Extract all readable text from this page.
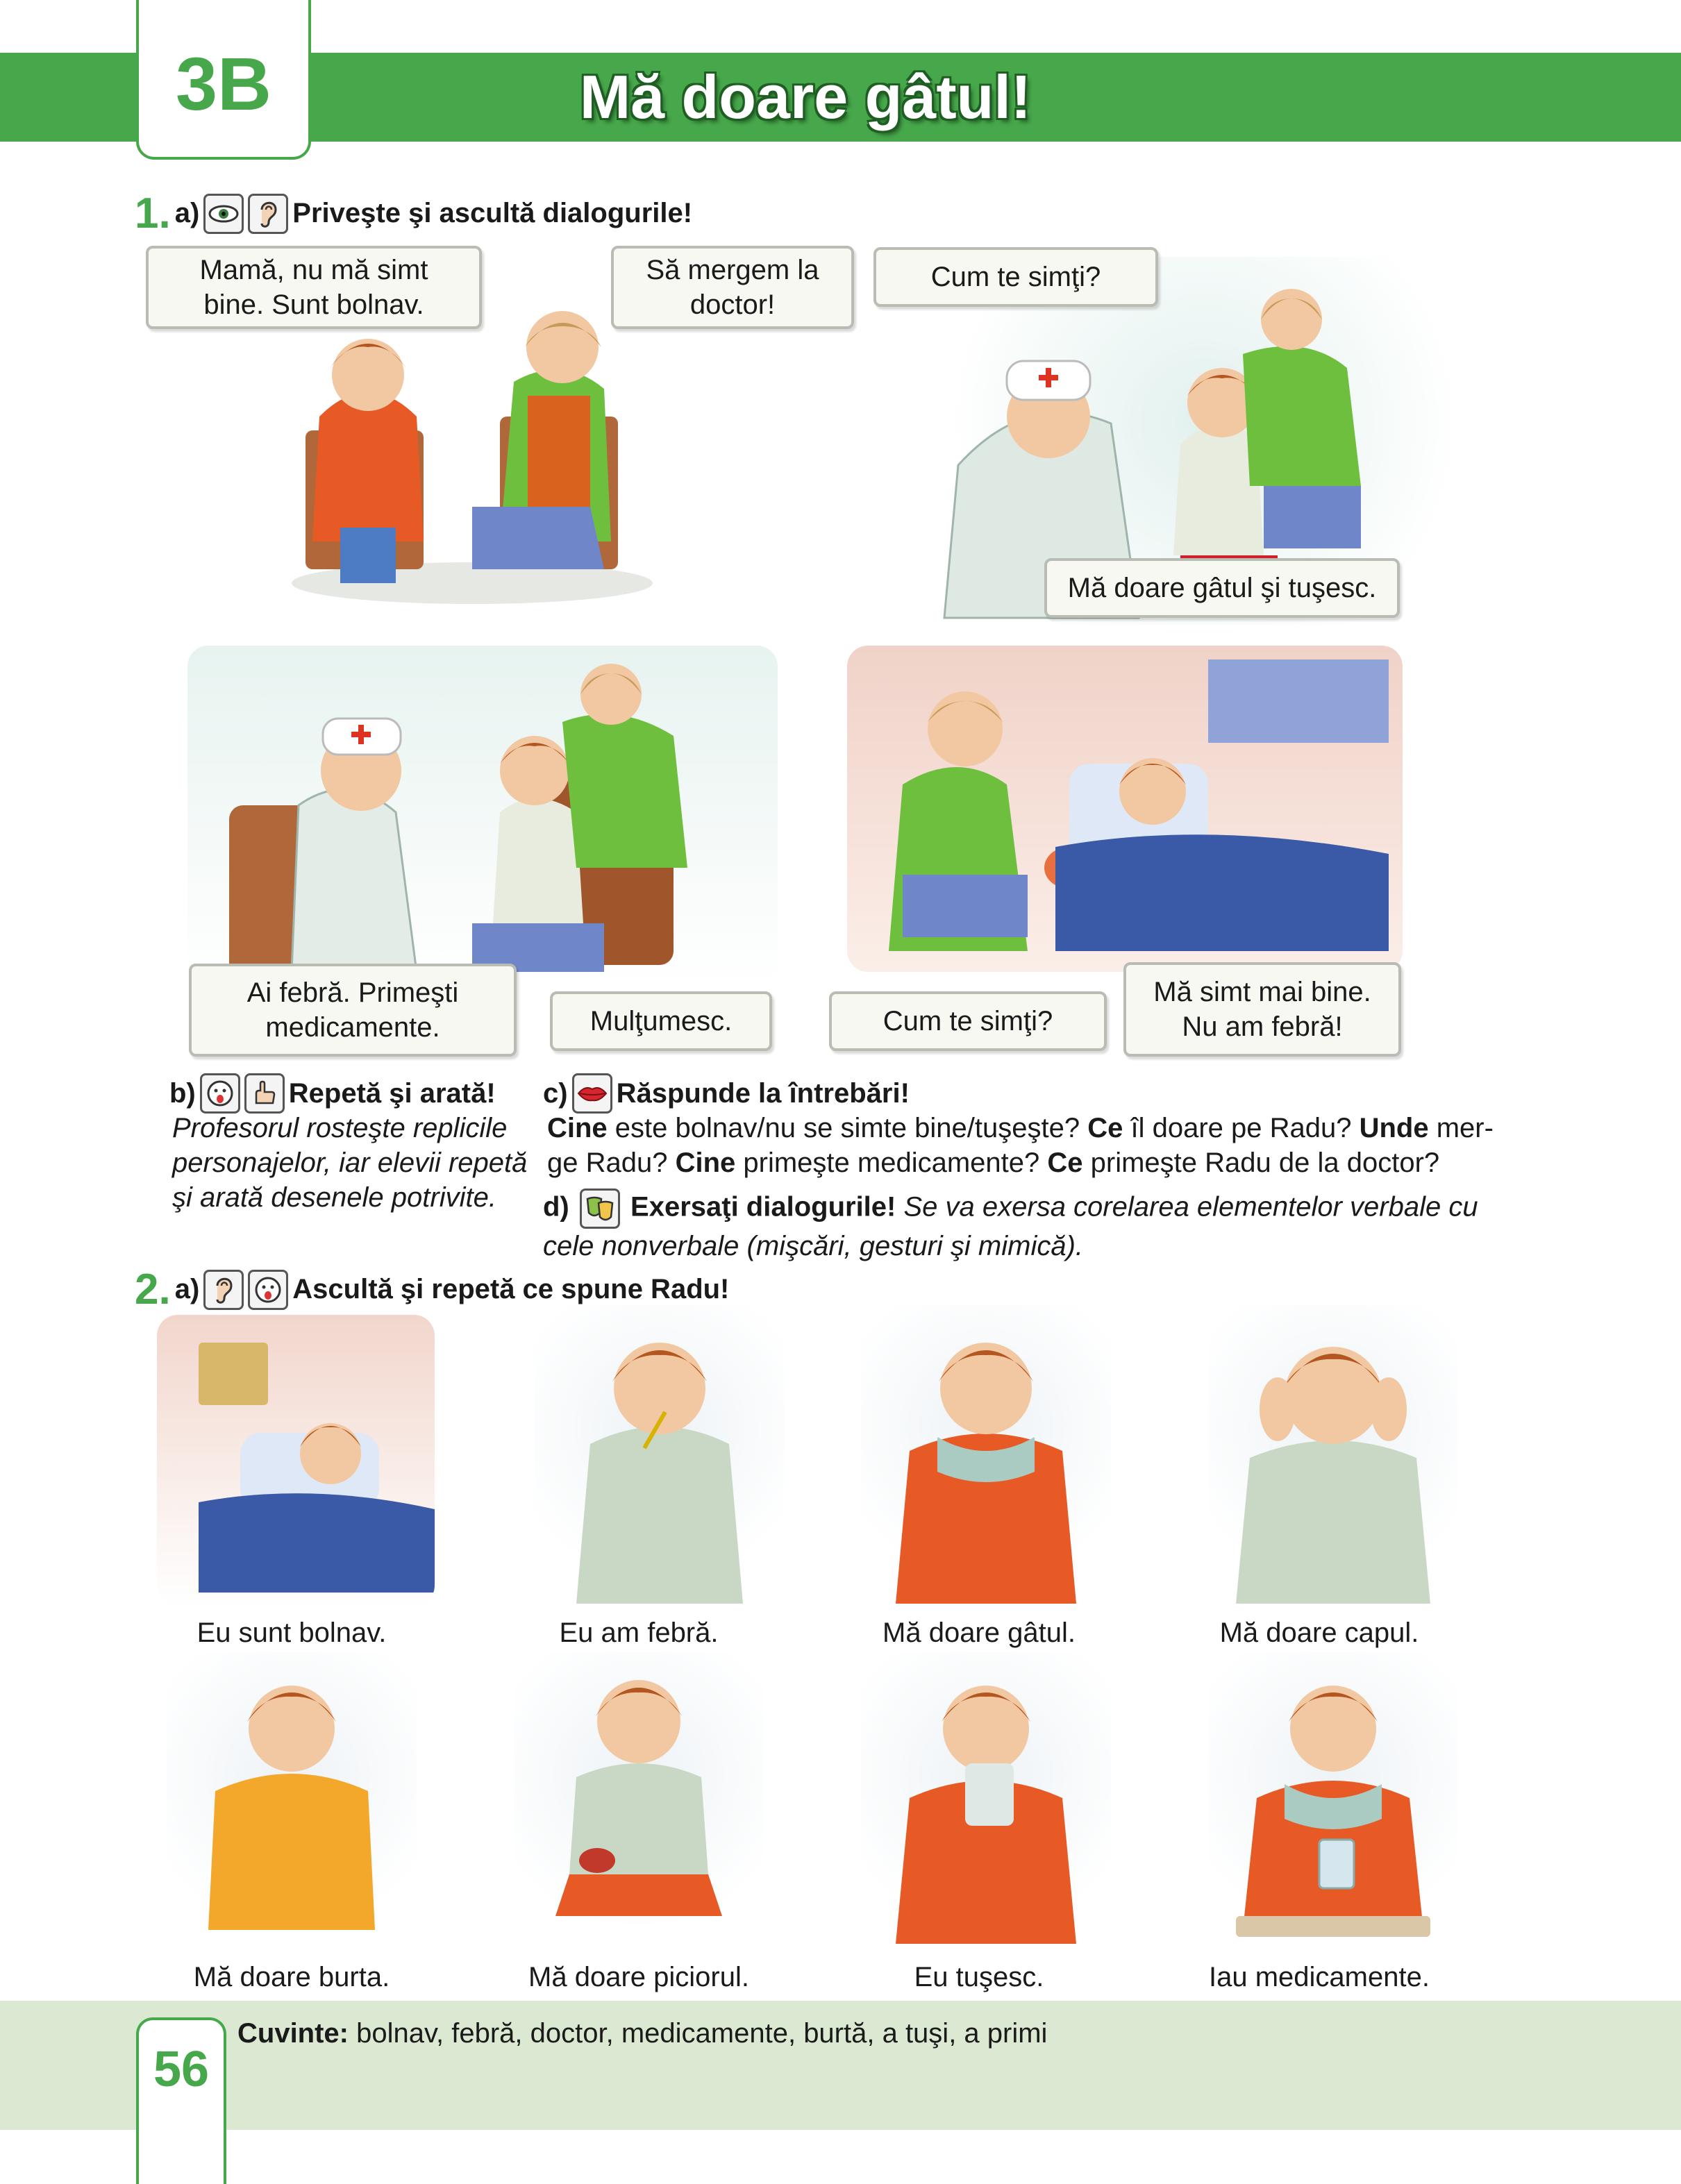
3B	Mă doare gâtul!
1. a)	Priveşte şi ascultă dialogurile!
Mamă, nu mă simt bine. Sunt bolnav.
Să mergem la doctor!
Cum te simţi?
Mă doare gâtul şi tuşesc.
Ai febră. Primeşti medicamente.	Mulţumesc.	Cum te simţi?
Mă simt mai bine. Nu am febră!
b)	Repetă şi arată!
Profesorul rosteşte replicile personajelor, iar elevii repetă şi arată desenele potrivite.
c) Răspunde la întrebări!
Cine este bolnav/nu se simte bine/tuşeşte? Ce îl doare pe Radu? Unde mer-ge Radu? Cine primeşte medicamente? Ce primeşte Radu de la doctor?
d) Exersaţi dialogurile! Se va exersa corelarea elementelor verbale cu cele nonverbale (mişcări, gesturi şi mimică).
2. a)	Ascultă şi repetă ce spune Radu!
Eu sunt bolnav.	Eu am febră.	Mă doare gâtul.	Mă doare capul.
Mă doare burta.	Mă doare piciorul.	Eu tuşesc.	Iau medicamente.
56
Cuvinte: bolnav, febră, doctor, medicamente, burtă, a tuşi, a primi
